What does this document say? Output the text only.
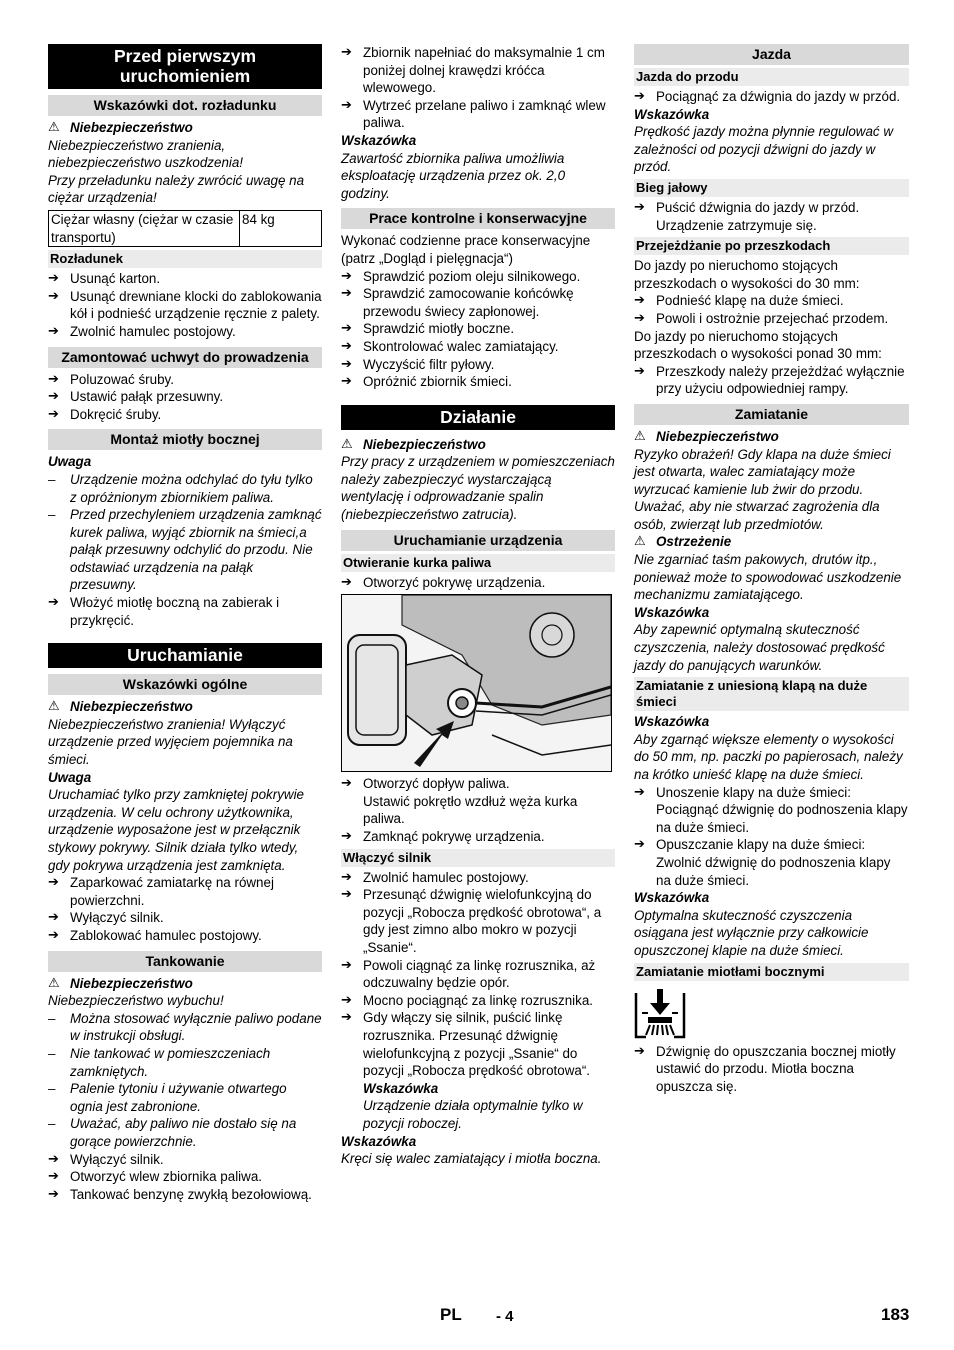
Przed pierwszym uruchomieniem
Wskazówki dot. rozładunku

⚠ Niebezpieczeństwo

Niebezpieczeństwo zranienia, niebezpieczeństwo uszkodzenia!

Przy przeładunku należy zwrócić uwagę na ciężar urządzenia!

Ciężar własny (ciężar w czasie transportu)	84 kg
Rozładunek

➔ Usunąć karton.

➔ Usunąć drewniane klocki do zablokowania kół i podnieść urządzenie ręcznie z palety.

➔ Zwolnić hamulec postojowy.

Zamontować uchwyt do prowadzenia

➔ Poluzować śruby.

➔ Ustawić pałąk przesuwny.

➔ Dokręcić śruby.

Montaż miotły bocznej

Uwaga

– Urządzenie można odchylać do tyłu tylko z opróżnionym zbiornikiem paliwa.

– Przed przechyleniem urządzenia zamknąć kurek paliwa, wyjąć zbiornik na śmieci,a pałąk przesuwny odchylić do przodu. Nie odstawiać urządzenia na pałąk przesuwny.

➔ Włożyć miotłę boczną na zabierak i przykręcić.

Uruchamianie
Wskazówki ogólne

⚠ Niebezpieczeństwo

Niebezpieczeństwo zranienia! Wyłączyć urządzenie przed wyjęciem pojemnika na śmieci.

Uwaga

Uruchamiać tylko przy zamkniętej pokrywie urządzenia. W celu ochrony użytkownika, urządzenie wyposażone jest w przełącznik stykowy pokrywy. Silnik działa tylko wtedy, gdy pokrywa urządzenia jest zamknięta.

➔ Zaparkować zamiatarkę na równej powierzchni.

➔ Wyłączyć silnik.

➔ Zablokować hamulec postojowy.

Tankowanie

⚠ Niebezpieczeństwo

Niebezpieczeństwo wybuchu!

– Można stosować wyłącznie paliwo podane w instrukcji obsługi.

– Nie tankować w pomieszczeniach zamkniętych.

– Palenie tytoniu i używanie otwartego ognia jest zabronione.

– Uważać, aby paliwo nie dostało się na gorące powierzchnie.

➔ Wyłączyć silnik.

➔ Otworzyć wlew zbiornika paliwa.

➔ Tankować benzynę zwykłą bezołowiową.

➔ Zbiornik napełniać do maksymalnie 1 cm poniżej dolnej krawędzi króćca wlewowego.

➔ Wytrzeć przelane paliwo i zamknąć wlew paliwa.

Wskazówka

Zawartość zbiornika paliwa umożliwia eksploatację urządzenia przez ok. 2,0 godziny.

Prace kontrolne i konserwacyjne

Wykonać codzienne prace konserwacyjne (patrz „Dogląd i pielęgnacja“)

➔ Sprawdzić poziom oleju silnikowego.

➔ Sprawdzić zamocowanie końcówkę przewodu świecy zapłonowej.

➔ Sprawdzić miotły boczne.

➔ Skontrolować walec zamiatający.

➔ Wyczyścić filtr pyłowy.

➔ Opróżnić zbiornik śmieci.

Działanie

⚠ Niebezpieczeństwo

Przy pracy z urządzeniem w pomieszczeniach należy zabezpieczyć wystarczającą wentylację i odprowadzanie spalin (niebezpieczeństwo zatrucia).

Uruchamianie urządzenia
Otwieranie kurka paliwa

➔ Otworzyć pokrywę urządzenia.

➔ Otworzyć dopływ paliwa.

Ustawić pokrętło wzdłuż węża kurka paliwa.

➔ Zamknąć pokrywę urządzenia.

Włączyć silnik

➔ Zwolnić hamulec postojowy.

➔ Przesunąć dźwignię wielofunkcyjną do pozycji „Robocza prędkość obrotowa“, a gdy jest zimno albo mokro w pozycji „Ssanie“.

➔ Powoli ciągnąć za linkę rozrusznika, aż odczuwalny będzie opór.

➔ Mocno pociągnąć za linkę rozrusznika.

➔ Gdy włączy się silnik, puścić linkę rozrusznika. Przesunąć dźwignię wielofunkcyjną z pozycji „Ssanie“ do pozycji „Robocza prędkość obrotowa“.

Wskazówka

Urządzenie działa optymalnie tylko w pozycji roboczej.

Wskazówka

Kręci się walec zamiatający i miotła boczna.

Jazda
Jazda do przodu

➔ Pociągnąć za dźwignia do jazdy w przód.

Wskazówka

Prędkość jazdy można płynnie regulować w zależności od pozycji dźwigni do jazdy w przód.

Bieg jałowy

➔ Puścić dźwignia do jazdy w przód. Urządzenie zatrzymuje się.

Przejeżdżanie po przeszkodach

Do jazdy po nieruchomo stojących przeszkodach o wysokości do 30 mm:

➔ Podnieść klapę na duże śmieci.

➔ Powoli i ostrożnie przejechać przodem.

Do jazdy po nieruchomo stojących przeszkodach o wysokości ponad 30 mm:

➔ Przeszkody należy przejeżdżać wyłącznie przy użyciu odpowiedniej rampy.

Zamiatanie

⚠ Niebezpieczeństwo

Ryzyko obrażeń! Gdy klapa na duże śmieci jest otwarta, walec zamiatający może wyrzucać kamienie lub żwir do przodu. Uważać, aby nie stwarzać zagrożenia dla osób, zwierząt lub przedmiotów.

⚠ Ostrzeżenie

Nie zgarniać taśm pakowych, drutów itp., ponieważ może to spowodować uszkodzenie mechanizmu zamiatającego.

Wskazówka

Aby zapewnić optymalną skuteczność czyszczenia, należy dostosować prędkość jazdy do panujących warunków.

Zamiatanie z uniesioną klapą na duże śmieci

Wskazówka

Aby zgarnąć większe elementy o wysokości do 50 mm, np. paczki po papierosach, należy na krótko unieść klapę na duże śmieci.

➔ Unoszenie klapy na duże śmieci:

Pociągnąć dźwignię do podnoszenia klapy na duże śmieci.

➔ Opuszczanie klapy na duże śmieci:

Zwolnić dźwignię do podnoszenia klapy na duże śmieci.

Wskazówka

Optymalna skuteczność czyszczenia osiągana jest wyłącznie przy całkowicie opuszczonej klapie na duże śmieci.

Zamiatanie miotłami bocznymi

➔ Dźwignię do opuszczania bocznej miotły ustawić do przodu. Miotła boczna opuszcza się.

PL - 4	183
